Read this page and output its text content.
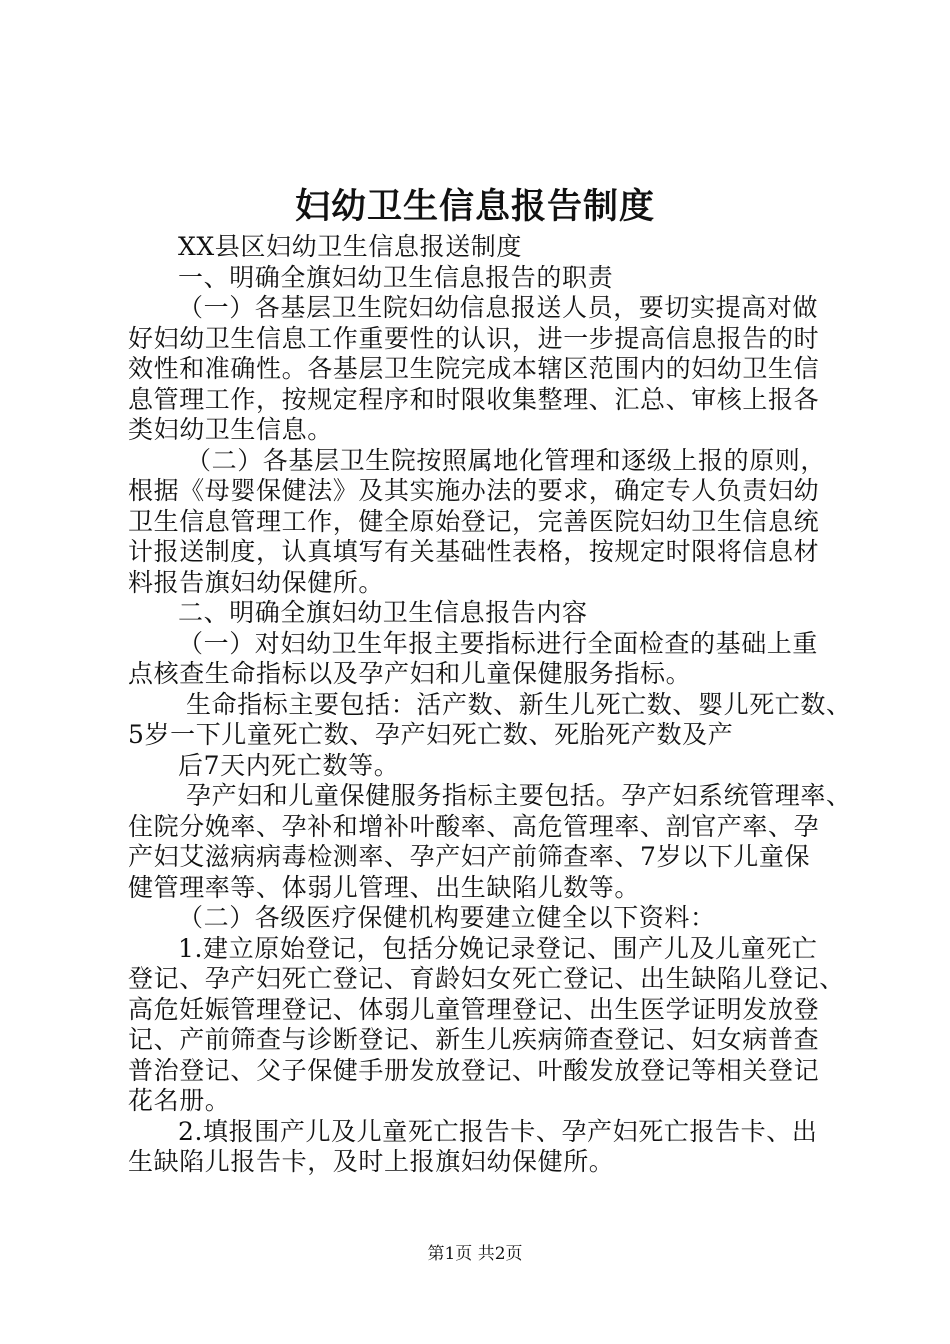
妇幼卫生信息报告制度
XX县区妇幼卫生信息报送制度
一、明确全旗妇幼卫生信息报告的职责
（一）各基层卫生院妇幼信息报送人员，要切实提高对做
好妇幼卫生信息工作重要性的认识，进一步提高信息报告的时
效性和准确性。各基层卫生院完成本辖区范围内的妇幼卫生信
息管理工作，按规定程序和时限收集整理、汇总、审核上报各
类妇幼卫生信息。
（二）各基层卫生院按照属地化管理和逐级上报的原则，
根据《母婴保健法》及其实施办法的要求，确定专人负责妇幼
卫生信息管理工作，健全原始登记，完善医院妇幼卫生信息统
计报送制度，认真填写有关基础性表格，按规定时限将信息材
料报告旗妇幼保健所。
二、明确全旗妇幼卫生信息报告内容
（一）对妇幼卫生年报主要指标进行全面检查的基础上重
点核查生命指标以及孕产妇和儿童保健服务指标。
生命指标主要包括：活产数、新生儿死亡数、婴儿死亡数、
5岁一下儿童死亡数、孕产妇死亡数、死胎死产数及产
后7天内死亡数等。
孕产妇和儿童保健服务指标主要包括。孕产妇系统管理率、
住院分娩率、孕补和增补叶酸率、高危管理率、剖官产率、孕
产妇艾滋病病毒检测率、孕产妇产前筛查率、7岁以下儿童保
健管理率等、体弱儿管理、出生缺陷儿数等。
（二）各级医疗保健机构要建立健全以下资料：
1.建立原始登记，包括分娩记录登记、围产儿及儿童死亡
登记、孕产妇死亡登记、育龄妇女死亡登记、出生缺陷儿登记、
高危妊娠管理登记、体弱儿童管理登记、出生医学证明发放登
记、产前筛查与诊断登记、新生儿疾病筛查登记、妇女病普查
普治登记、父子保健手册发放登记、叶酸发放登记等相关登记
花名册。
2.填报围产儿及儿童死亡报告卡、孕产妇死亡报告卡、出
生缺陷儿报告卡，及时上报旗妇幼保健所。
第1页 共2页
